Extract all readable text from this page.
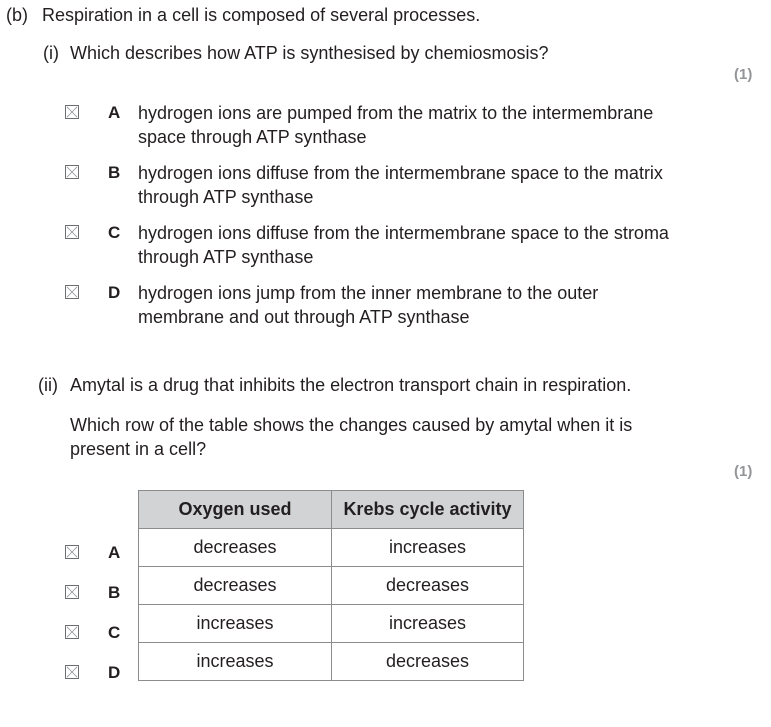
(b) Respiration in a cell is composed of several processes.
(i) Which describes how ATP is synthesised by chemiosmosis?
(1)
A hydrogen ions are pumped from the matrix to the intermembrane
space through ATP synthase
B hydrogen ions diffuse from the intermembrane space to the matrix
through ATP synthase
C hydrogen ions diffuse from the intermembrane space to the stroma
through ATP synthase
D hydrogen ions jump from the inner membrane to the outer
membrane and out through ATP synthase
(ii) Amytal is a drug that inhibits the electron transport chain in respiration.
Which row of the table shows the changes caused by amytal when it is
present in a cell?
(1)
A
B
C
D
Oxygen used	Krebs cycle activity
decreases	increases
decreases	decreases
increases	increases
increases	decreases
